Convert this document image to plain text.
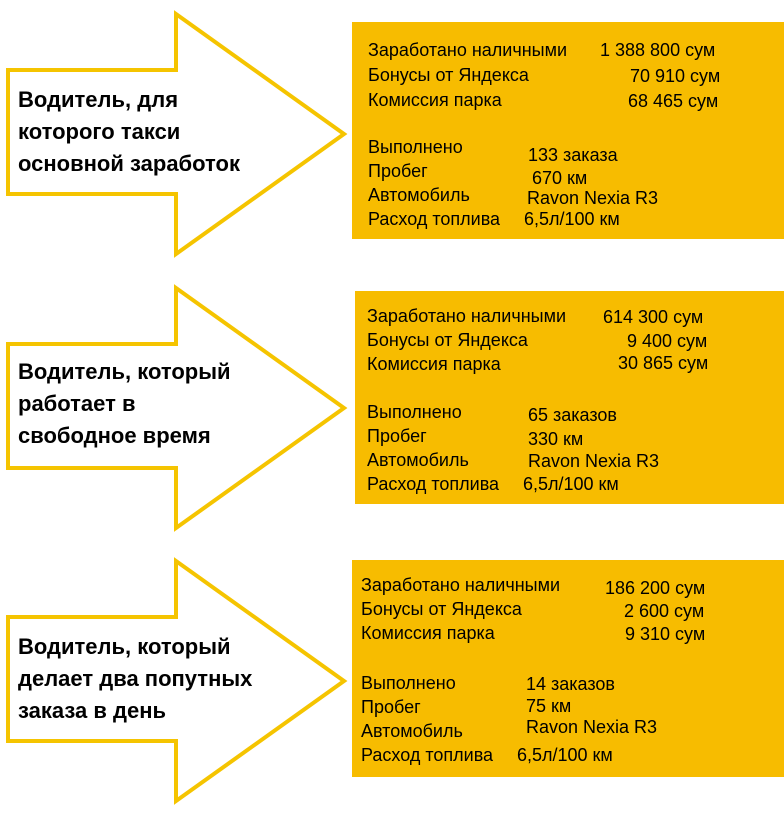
Водитель, для
которого такси
основной заработок
Заработано наличными 1 388 800 сум
Бонусы от Яндекса	70 910 сум
Комиссия парка	68 465 сум
Выполнено	133 заказа
Пробег	670 км
Автомобиль	Ravon Nexia R3
Расход топлива 6,5л/100 км
Водитель, который
работает в
свободное время
Заработано наличными 614 300 сум
Бонусы от Яндекса	9 400 сум
Комиссия парка	30 865 сум
Выполнено	65 заказов
Пробег	330 км
Автомобиль	Ravon Nexia R3
Расход топлива 6,5л/100 км
Водитель, который
делает два попутных
заказа в день
Заработано наличными 186 200 сум
Бонусы от Яндекса	2 600 сум
Комиссия парка	9 310 сум
Выполнено	14 заказов
Пробег	75 км
Автомобиль	Ravon Nexia R3
Расход топлива 6,5л/100 км
